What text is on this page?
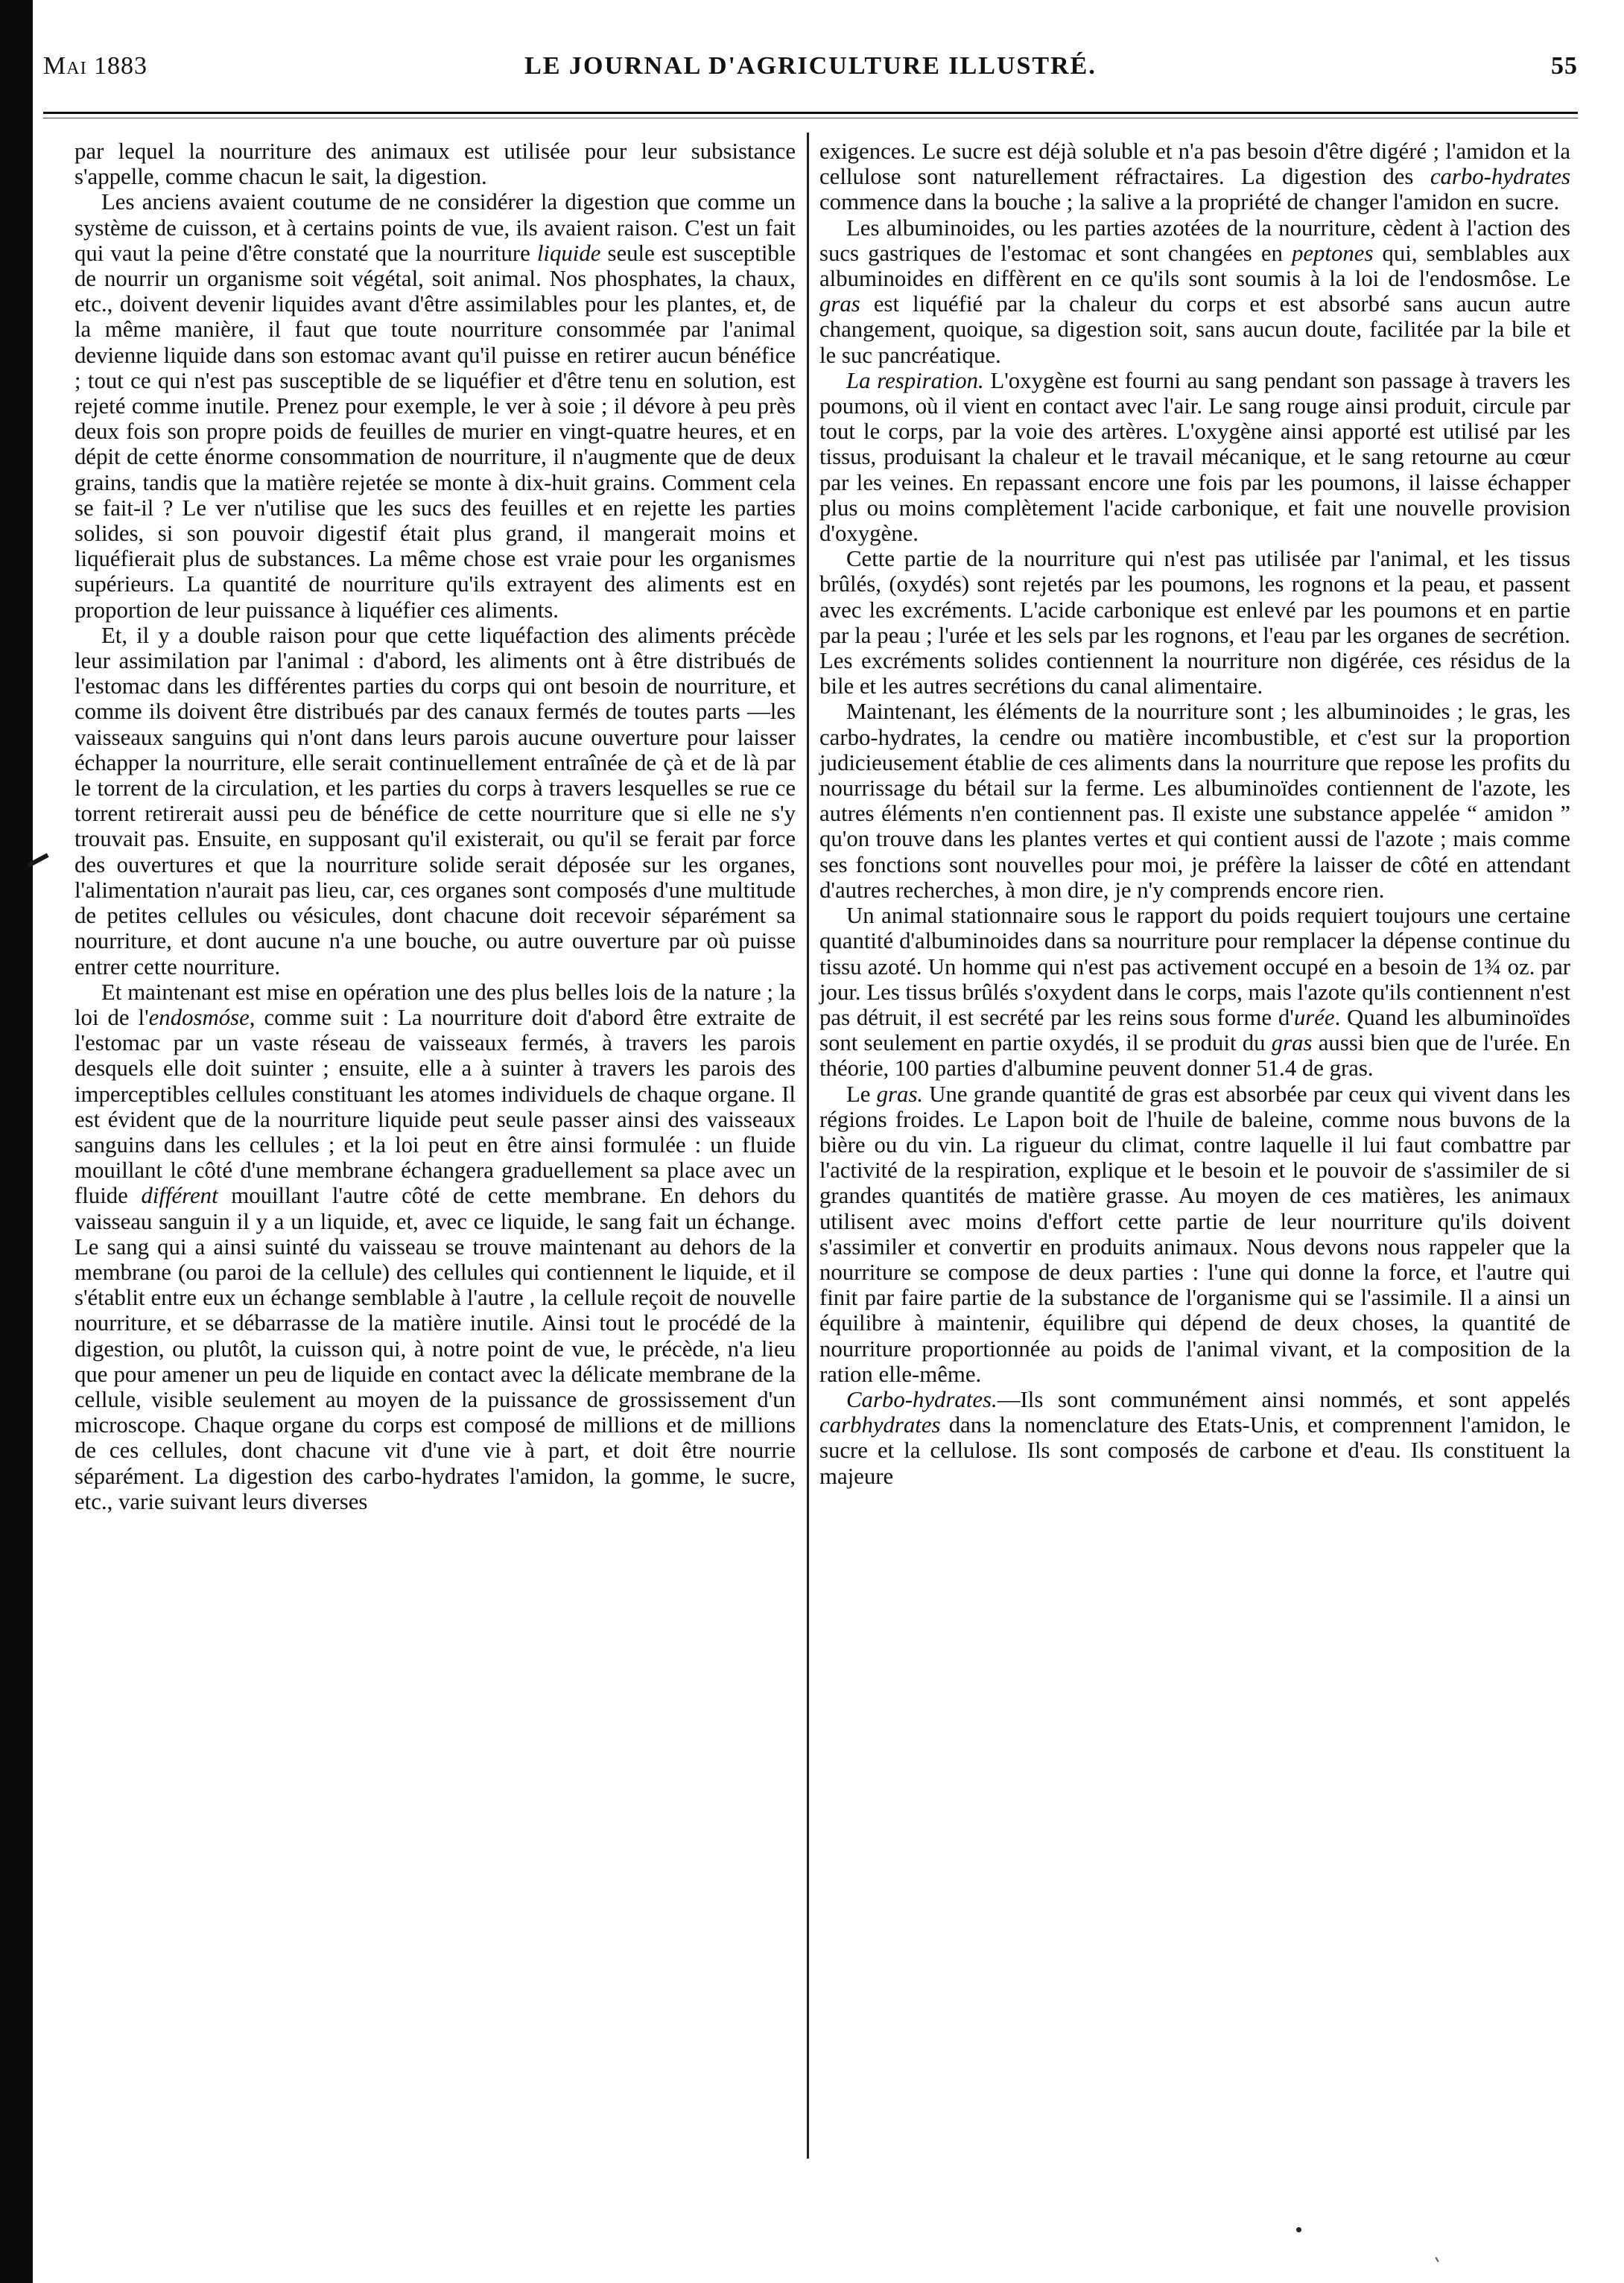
Mai 1883	LE JOURNAL D'AGRICULTURE ILLUSTRÉ.	55

par lequel la nourriture des animaux est utilisée pour leur subsistance s'appelle, comme chacun le sait, la digestion.

Les anciens avaient coutume de ne considérer la digestion que comme un système de cuisson, et à certains points de vue, ils avaient raison. C'est un fait qui vaut la peine d'être constaté que la nourriture liquide seule est susceptible de nourrir un organisme soit végétal, soit animal. Nos phosphates, la chaux, etc., doivent devenir liquides avant d'être assimilables pour les plantes, et, de la même manière, il faut que toute nourriture consommée par l'animal devienne liquide dans son estomac avant qu'il puisse en retirer aucun bénéfice ; tout ce qui n'est pas susceptible de se liquéfier et d'être tenu en solution, est rejeté comme inutile. Prenez pour exemple, le ver à soie ; il dévore à peu près deux fois son propre poids de feuilles de murier en vingt-quatre heures, et en dépit de cette énorme consommation de nourriture, il n'augmente que de deux grains, tandis que la matière rejetée se monte à dix-huit grains. Comment cela se fait-il ? Le ver n'utilise que les sucs des feuilles et en rejette les parties solides, si son pouvoir digestif était plus grand, il mangerait moins et liquéfierait plus de substances. La même chose est vraie pour les organismes supérieurs. La quantité de nourriture qu'ils extrayent des aliments est en proportion de leur puissance à liquéfier ces aliments.

Et, il y a double raison pour que cette liquéfaction des aliments précède leur assimilation par l'animal : d'abord, les aliments ont à être distribués de l'estomac dans les différentes parties du corps qui ont besoin de nourriture, et comme ils doivent être distribués par des canaux fermés de toutes parts —les vaisseaux sanguins qui n'ont dans leurs parois aucune ouverture pour laisser échapper la nourriture, elle serait continuellement entraînée de çà et de là par le torrent de la circulation, et les parties du corps à travers lesquelles se rue ce torrent retirerait aussi peu de bénéfice de cette nourriture que si elle ne s'y trouvait pas. Ensuite, en supposant qu'il existerait, ou qu'il se ferait par force des ouvertures et que la nourriture solide serait déposée sur les organes, l'alimentation n'aurait pas lieu, car, ces organes sont composés d'une multitude de petites cellules ou vésicules, dont chacune doit recevoir séparément sa nourriture, et dont aucune n'a une bouche, ou autre ouverture par où puisse entrer cette nourriture.

Et maintenant est mise en opération une des plus belles lois de la nature ; la loi de l'endosmóse, comme suit : La nourriture doit d'abord être extraite de l'estomac par un vaste réseau de vaisseaux fermés, à travers les parois desquels elle doit suinter ; ensuite, elle a à suinter à travers les parois des imperceptibles cellules constituant les atomes individuels de chaque organe. Il est évident que de la nourriture liquide peut seule passer ainsi des vaisseaux sanguins dans les cellules ; et la loi peut en être ainsi formulée : un fluide mouillant le côté d'une membrane échangera graduellement sa place avec un fluide différent mouillant l'autre côté de cette membrane. En dehors du vaisseau sanguin il y a un liquide, et, avec ce liquide, le sang fait un échange. Le sang qui a ainsi suinté du vaisseau se trouve maintenant au dehors de la membrane (ou paroi de la cellule) des cellules qui contiennent le liquide, et il s'établit entre eux un échange semblable à l'autre , la cellule reçoit de nouvelle nourriture, et se débarrasse de la matière inutile. Ainsi tout le procédé de la digestion, ou plutôt, la cuisson qui, à notre point de vue, le précède, n'a lieu que pour amener un peu de liquide en contact avec la délicate membrane de la cellule, visible seulement au moyen de la puissance de grossissement d'un microscope. Chaque organe du corps est composé de millions et de millions de ces cellules, dont chacune vit d'une vie à part, et doit être nourrie séparément. La digestion des carbo-hydrates l'amidon, la gomme, le sucre, etc., varie suivant leurs diverses

exigences. Le sucre est déjà soluble et n'a pas besoin d'être digéré ; l'amidon et la cellulose sont naturellement réfractaires. La digestion des carbo-hydrates commence dans la bouche ; la salive a la propriété de changer l'amidon en sucre.

Les albuminoides, ou les parties azotées de la nourriture, cèdent à l'action des sucs gastriques de l'estomac et sont changées en peptones qui, semblables aux albuminoides en diffèrent en ce qu'ils sont soumis à la loi de l'endosmôse. Le gras est liquéfié par la chaleur du corps et est absorbé sans aucun autre changement, quoique, sa digestion soit, sans aucun doute, facilitée par la bile et le suc pancréatique.

La respiration. L'oxygène est fourni au sang pendant son passage à travers les poumons, où il vient en contact avec l'air. Le sang rouge ainsi produit, circule par tout le corps, par la voie des artères. L'oxygène ainsi apporté est utilisé par les tissus, produisant la chaleur et le travail mécanique, et le sang retourne au cœur par les veines. En repassant encore une fois par les poumons, il laisse échapper plus ou moins complètement l'acide carbonique, et fait une nouvelle provision d'oxygène.

Cette partie de la nourriture qui n'est pas utilisée par l'animal, et les tissus brûlés, (oxydés) sont rejetés par les poumons, les rognons et la peau, et passent avec les excréments. L'acide carbonique est enlevé par les poumons et en partie par la peau ; l'urée et les sels par les rognons, et l'eau par les organes de secrétion. Les excréments solides contiennent la nourriture non digérée, ces résidus de la bile et les autres secrétions du canal alimentaire.

Maintenant, les éléments de la nourriture sont ; les albuminoides ; le gras, les carbo-hydrates, la cendre ou matière incombustible, et c'est sur la proportion judicieusement établie de ces aliments dans la nourriture que repose les profits du nourrissage du bétail sur la ferme. Les albuminoïdes contiennent de l'azote, les autres éléments n'en contiennent pas. Il existe une substance appelée “ amidon ” qu'on trouve dans les plantes vertes et qui contient aussi de l'azote ; mais comme ses fonctions sont nouvelles pour moi, je préfère la laisser de côté en attendant d'autres recherches, à mon dire, je n'y comprends encore rien.

Un animal stationnaire sous le rapport du poids requiert toujours une certaine quantité d'albuminoides dans sa nourriture pour remplacer la dépense continue du tissu azoté. Un homme qui n'est pas activement occupé en a besoin de 1¾ oz. par jour. Les tissus brûlés s'oxydent dans le corps, mais l'azote qu'ils contiennent n'est pas détruit, il est secrété par les reins sous forme d'urée. Quand les albuminoïdes sont seulement en partie oxydés, il se produit du gras aussi bien que de l'urée. En théorie, 100 parties d'albumine peuvent donner 51.4 de gras.

Le gras. Une grande quantité de gras est absorbée par ceux qui vivent dans les régions froides. Le Lapon boit de l'huile de baleine, comme nous buvons de la bière ou du vin. La rigueur du climat, contre laquelle il lui faut combattre par l'activité de la respiration, explique et le besoin et le pouvoir de s'assimiler de si grandes quantités de matière grasse. Au moyen de ces matières, les animaux utilisent avec moins d'effort cette partie de leur nourriture qu'ils doivent s'assimiler et convertir en produits animaux. Nous devons nous rappeler que la nourriture se compose de deux parties : l'une qui donne la force, et l'autre qui finit par faire partie de la substance de l'organisme qui se l'assimile. Il a ainsi un équilibre à maintenir, équilibre qui dépend de deux choses, la quantité de nourriture proportionnée au poids de l'animal vivant, et la composition de la ration elle-même.

Carbo-hydrates.—Ils sont communément ainsi nommés, et sont appelés carbhydrates dans la nomenclature des Etats-Unis, et comprennent l'amidon, le sucre et la cellulose. Ils sont composés de carbone et d'eau. Ils constituent la majeure
